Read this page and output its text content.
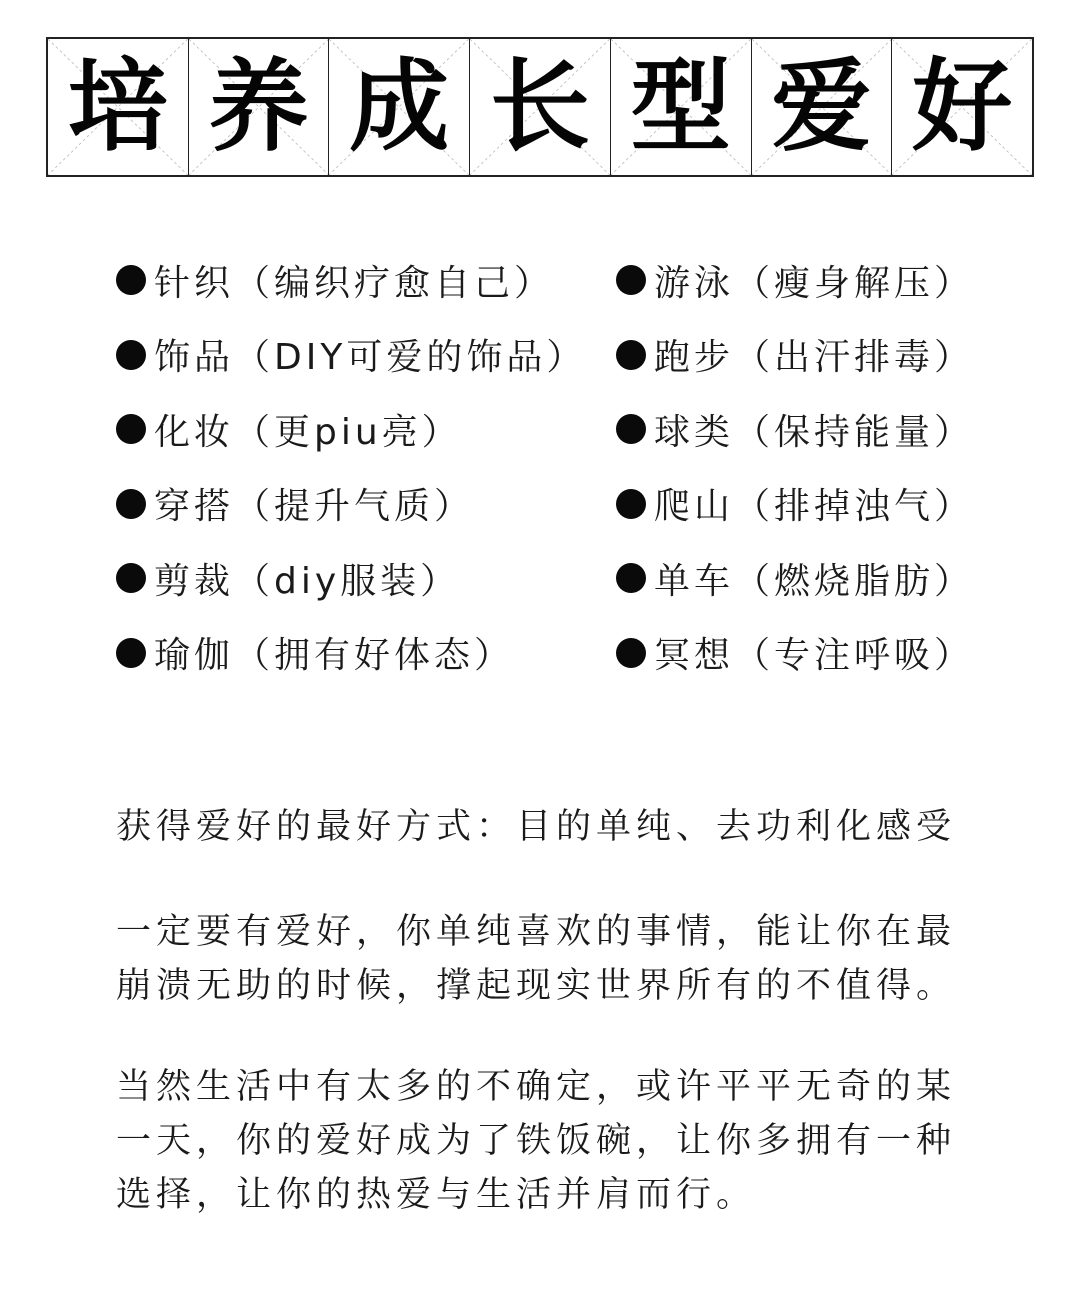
培 养 成 长 型 爱 好
针织（编织疗愈自己）
饰品（DIY可爱的饰品）
化妆（更piu亮）
穿搭（提升气质）
剪裁（diy服装）
瑜伽（拥有好体态）
游泳（瘦身解压）
跑步（出汗排毒）
球类（保持能量）
爬山（排掉浊气）
单车（燃烧脂肪）
冥想（专注呼吸）

获得爱好的最好方式：目的单纯、去功利化感受

一定要有爱好，你单纯喜欢的事情，能让你在最
崩溃无助的时候，撑起现实世界所有的不值得。

当然生活中有太多的不确定，或许平平无奇的某
一天，你的爱好成为了铁饭碗，让你多拥有一种
选择，让你的热爱与生活并肩而行。
